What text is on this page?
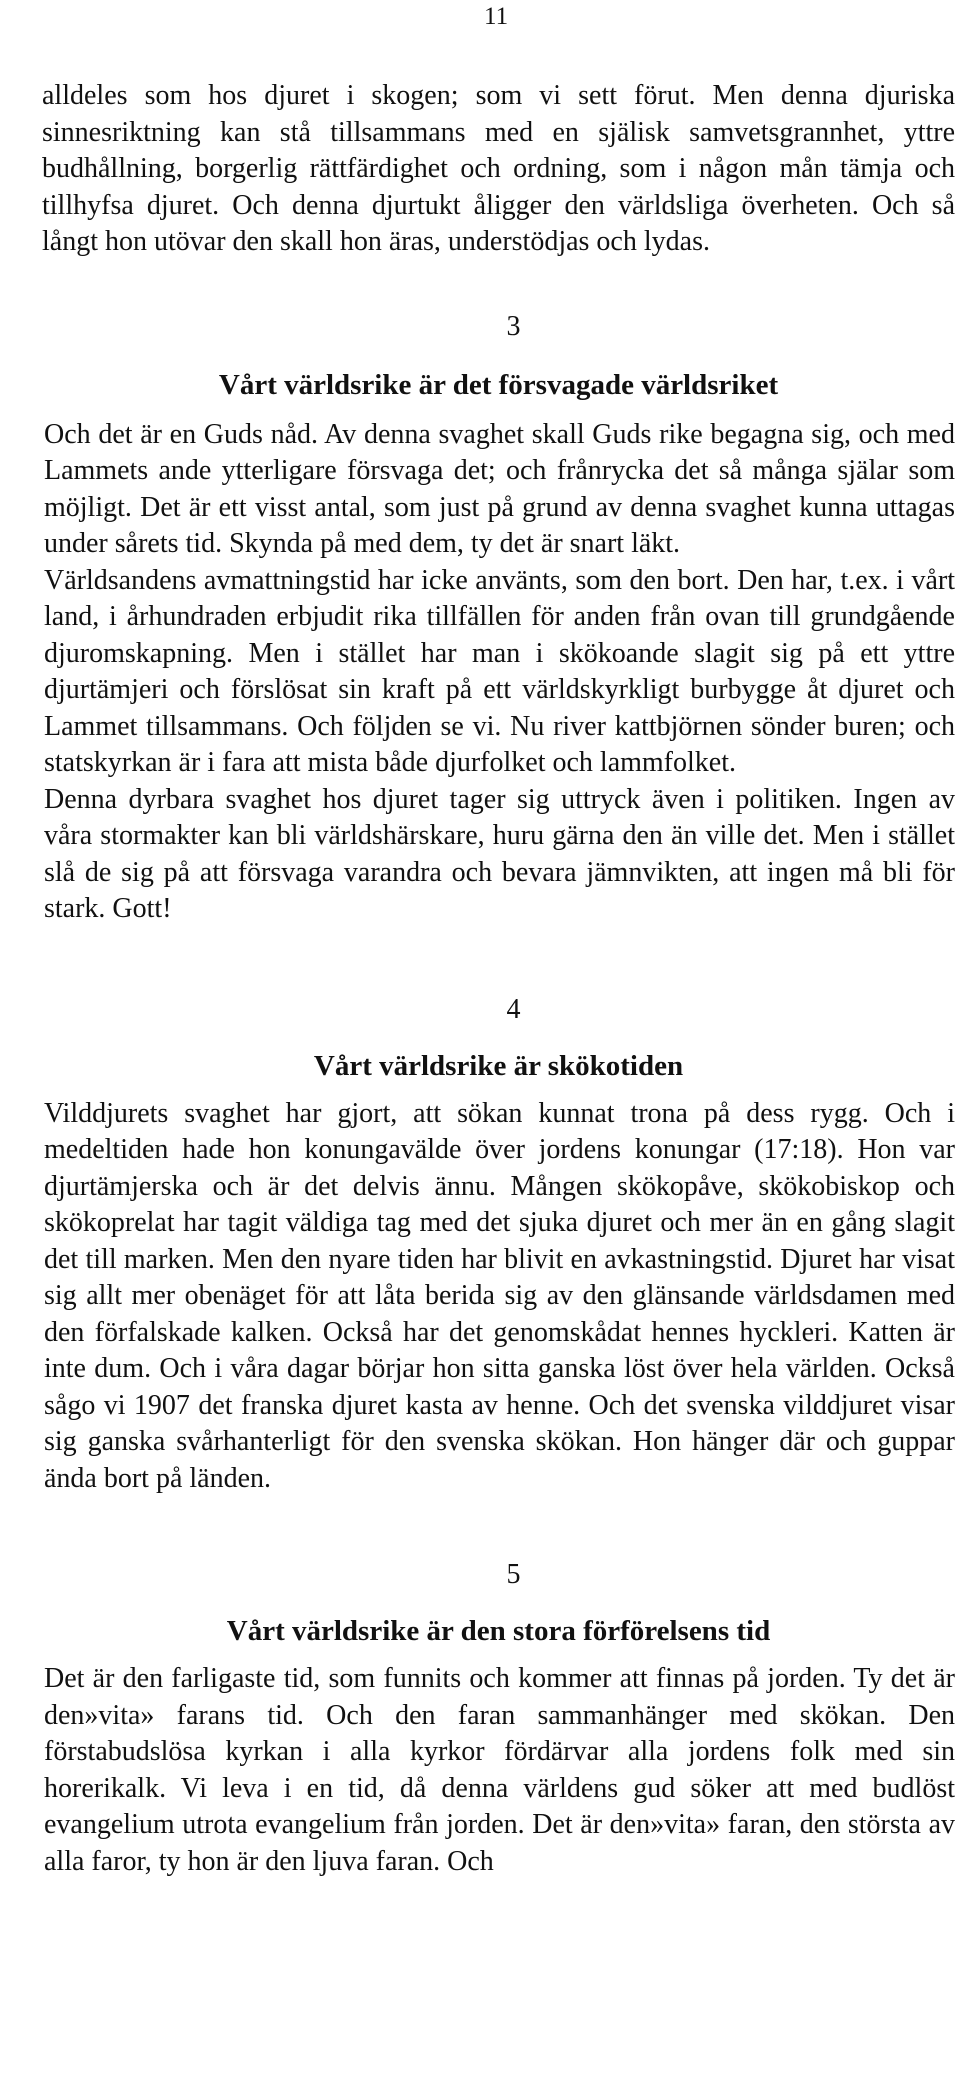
11

alldeles som hos djuret i skogen; som vi sett förut. Men denna djuriska sinnesriktning kan stå tillsammans med en själisk samvetsgrannhet, yttre budhållning, borgerlig rättfärdighet och ordning, som i någon mån tämja och tillhyfsa djuret. Och denna djurtukt åligger den världsliga överheten. Och så långt hon utövar den skall hon äras, understödjas och lydas.

3

Vårt världsrike är det försvagade världsriket

Och det är en Guds nåd. Av denna svaghet skall Guds rike begagna sig, och med Lammets ande ytterligare försvaga det; och frånrycka det så många själar som möjligt. Det är ett visst antal, som just på grund av denna svaghet kunna uttagas under sårets tid. Skynda på med dem, ty det är snart läkt.

Världsandens avmattningstid har icke använts, som den bort. Den har, t.ex. i vårt land, i århundraden erbjudit rika tillfällen för anden från ovan till grundgående djuromskapning. Men i stället har man i skökoande slagit sig på ett yttre djurtämjeri och förslösat sin kraft på ett världskyrkligt burbygge åt djuret och Lammet tillsammans. Och följden se vi. Nu river kattbjörnen sönder buren; och statskyrkan är i fara att mista både djurfolket och lammfolket.

Denna dyrbara svaghet hos djuret tager sig uttryck även i politiken. Ingen av våra stormakter kan bli världshärskare, huru gärna den än ville det. Men i stället slå de sig på att försvaga varandra och bevara jämnvikten, att ingen må bli för stark. Gott!

4

Vårt världsrike är skökotiden

Vilddjurets svaghet har gjort, att sökan kunnat trona på dess rygg. Och i medeltiden hade hon konungavälde över jordens konungar (17:18). Hon var djurtämjerska och är det delvis ännu. Mången skökopåve, skökobiskop och skökoprelat har tagit väldiga tag med det sjuka djuret och mer än en gång slagit det till marken. Men den nyare tiden har blivit en avkastningstid. Djuret har visat sig allt mer obenäget för att låta berida sig av den glänsande världsdamen med den förfalskade kalken. Också har det genomskådat hennes hyckleri. Katten är inte dum. Och i våra dagar börjar hon sitta ganska löst över hela världen. Också sågo vi 1907 det franska djuret kasta av henne. Och det svenska vilddjuret visar sig ganska svårhanterligt för den svenska skökan. Hon hänger där och guppar ända bort på länden.

5

Vårt världsrike är den stora förförelsens tid

Det är den farligaste tid, som funnits och kommer att finnas på jorden. Ty det är den»vita» farans tid. Och den faran sammanhänger med skökan. Den förstabudslösa kyrkan i alla kyrkor fördärvar alla jordens folk med sin horerikalk. Vi leva i en tid, då denna världens gud söker att med budlöst evangelium utrota evangelium från jorden. Det är den»vita» faran, den största av alla faror, ty hon är den ljuva faran. Och
